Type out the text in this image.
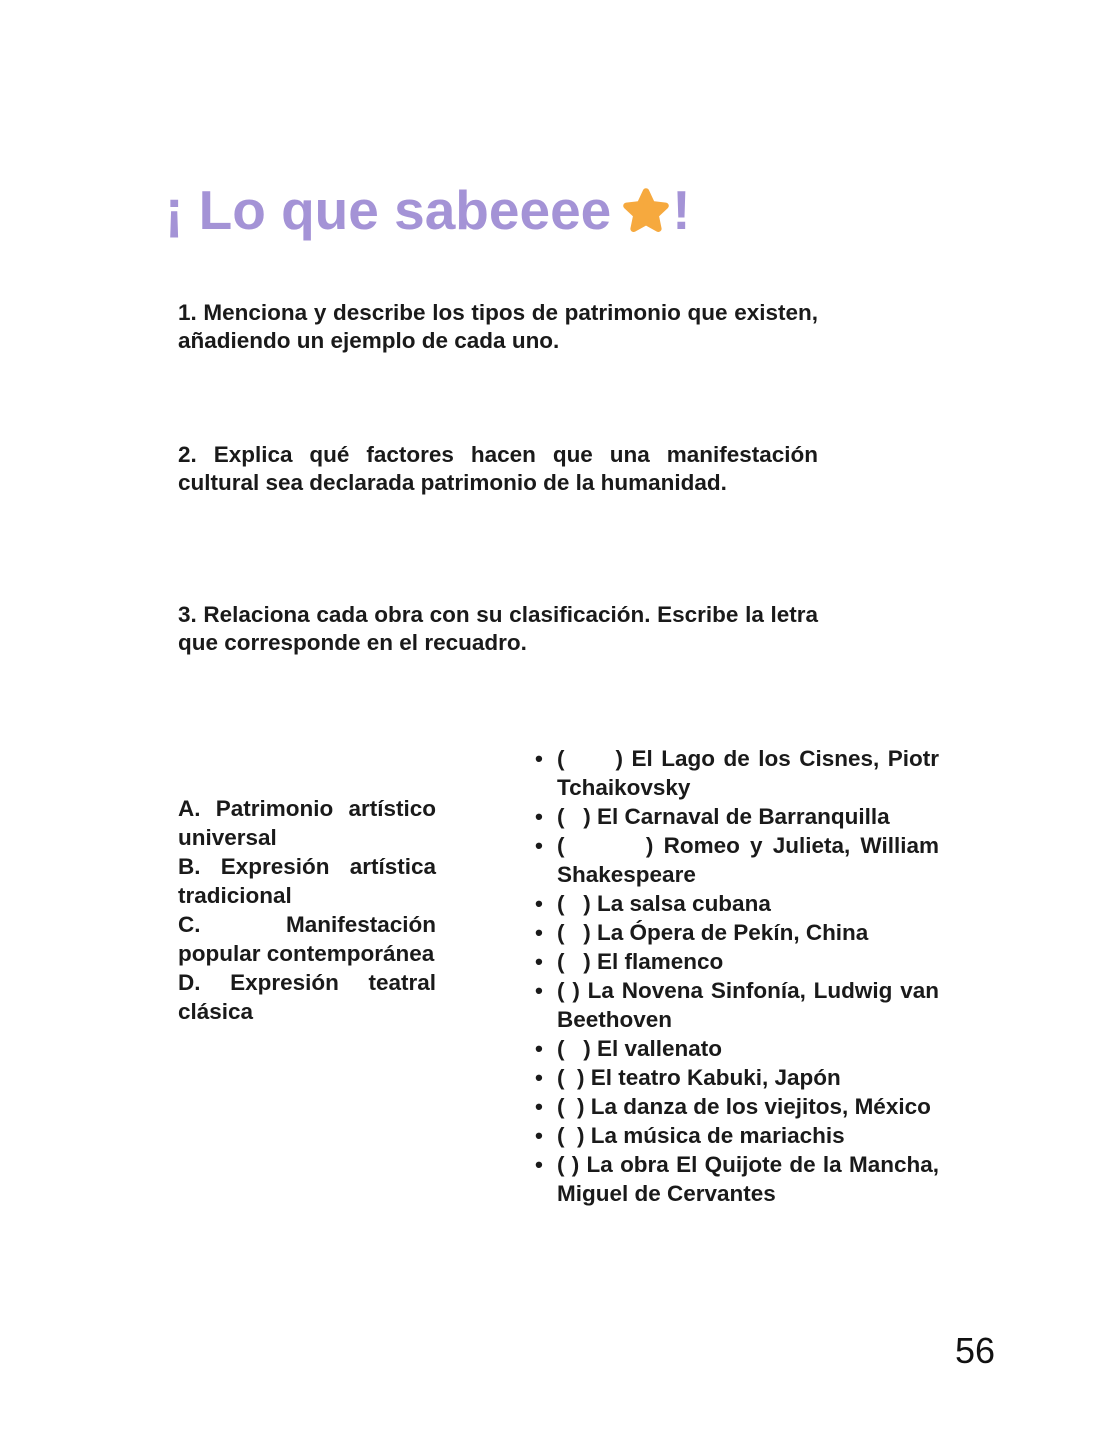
¡ Lo que sabeeee !

1. Menciona y describe los tipos de patrimonio que existen, añadiendo un ejemplo de cada uno.

2. Explica qué factores hacen que una manifestación cultural sea declarada patrimonio de la humanidad.

3. Relaciona cada obra con su clasificación. Escribe la letra que corresponde en el recuadro.

A. Patrimonio artístico universal
B. Expresión artística tradicional
C. Manifestación popular contemporánea
D. Expresión teatral clásica
• (      ) El Lago de los Cisnes, Piotr Tchaikovsky
• (   ) El Carnaval de Barranquilla
• (        ) Romeo y Julieta, William Shakespeare
• (   ) La salsa cubana
• (   ) La Ópera de Pekín, China
• (   ) El flamenco
• ( ) La Novena Sinfonía, Ludwig van Beethoven
• (   ) El vallenato
• (  ) El teatro Kabuki, Japón
• (  ) La danza de los viejitos, México
• (  ) La música de mariachis
• ( ) La obra El Quijote de la Mancha, Miguel de Cervantes
56
